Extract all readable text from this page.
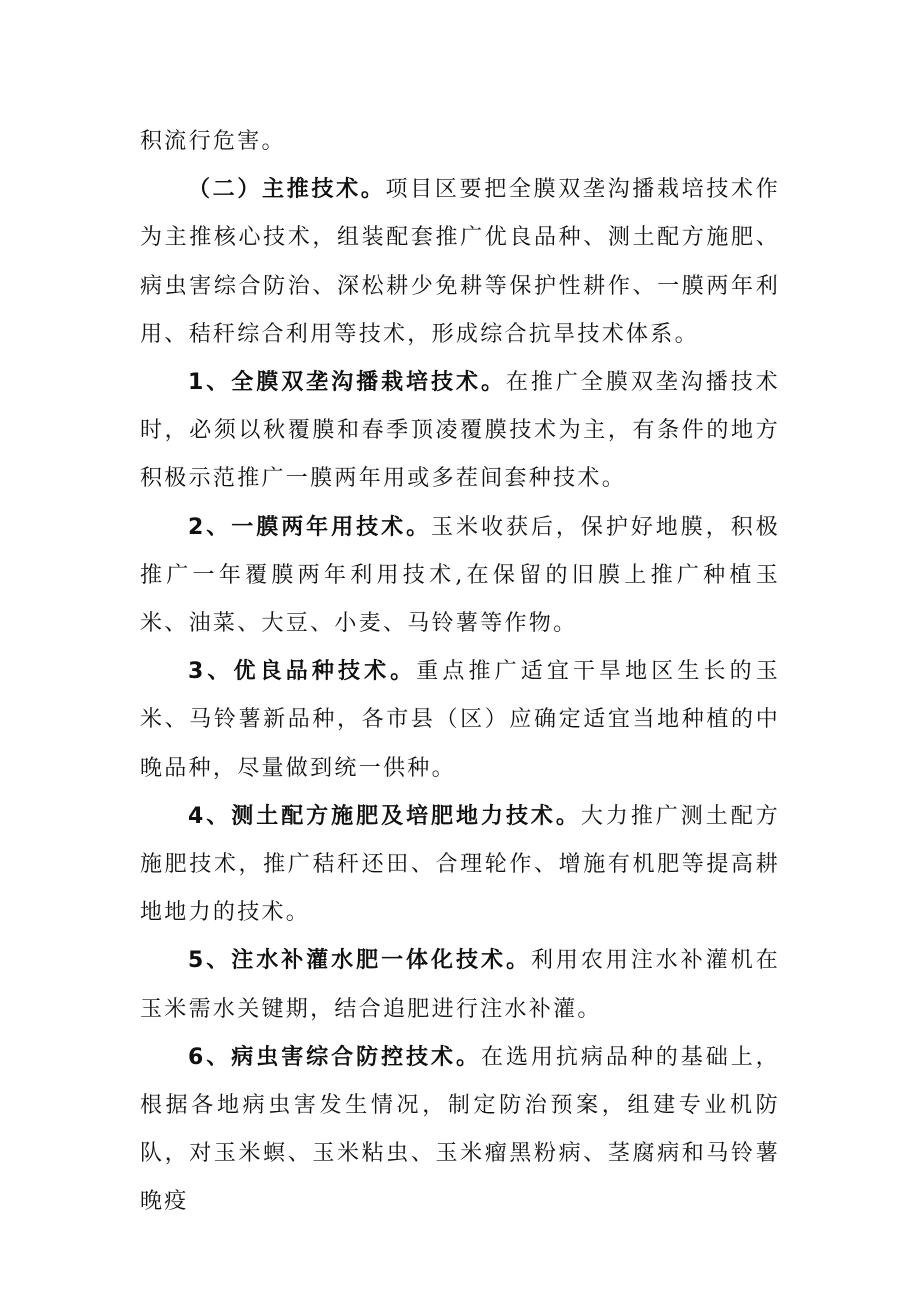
积流行危害。

（二）主推技术。项目区要把全膜双垄沟播栽培技术作为主推核心技术，组装配套推广优良品种、测土配方施肥、病虫害综合防治、深松耕少免耕等保护性耕作、一膜两年利用、秸秆综合利用等技术，形成综合抗旱技术体系。

1、全膜双垄沟播栽培技术。在推广全膜双垄沟播技术时，必须以秋覆膜和春季顶凌覆膜技术为主，有条件的地方积极示范推广一膜两年用或多茬间套种技术。

2、一膜两年用技术。玉米收获后，保护好地膜，积极推广一年覆膜两年利用技术,在保留的旧膜上推广种植玉米、油菜、大豆、小麦、马铃薯等作物。

3、优良品种技术。重点推广适宜干旱地区生长的玉米、马铃薯新品种，各市县（区）应确定适宜当地种植的中晚品种，尽量做到统一供种。

4、测土配方施肥及培肥地力技术。大力推广测土配方施肥技术，推广秸秆还田、合理轮作、增施有机肥等提高耕地地力的技术。

5、注水补灌水肥一体化技术。利用农用注水补灌机在玉米需水关键期，结合追肥进行注水补灌。

6、病虫害综合防控技术。在选用抗病品种的基础上，根据各地病虫害发生情况，制定防治预案，组建专业机防队，对玉米螟、玉米粘虫、玉米瘤黑粉病、茎腐病和马铃薯晚疫
